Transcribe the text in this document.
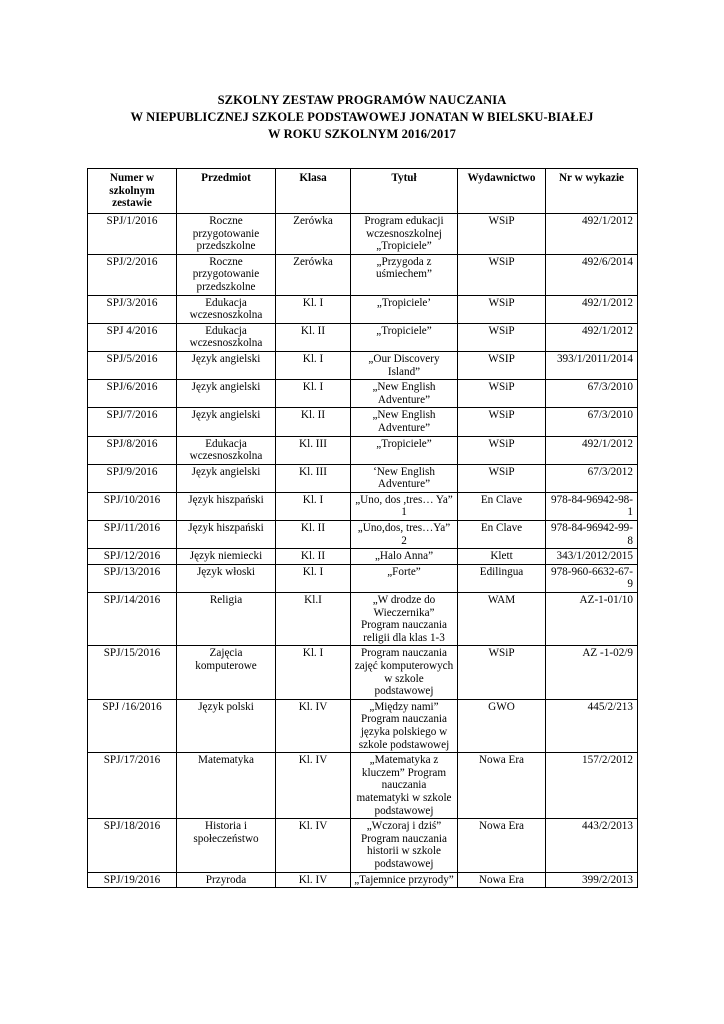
SZKOLNY ZESTAW PROGRAMÓW NAUCZANIA
W NIEPUBLICZNEJ SZKOLE PODSTAWOWEJ JONATAN W BIELSKU-BIAŁEJ
W ROKU SZKOLNYM 2016/2017
Numer w szkolnym zestawie	Przedmiot	Klasa	Tytuł	Wydawnictwo	Nr w wykazie
SPJ/1/2016	Roczne przygotowanie przedszkolne	Zerówka	Program edukacji wczesnoszkolnej „Tropiciele”	WSiP	492/1/2012
SPJ/2/2016	Roczne przygotowanie przedszkolne	Zerówka	„Przygoda z uśmiechem”	WSiP	492/6/2014
SPJ/3/2016	Edukacja wczesnoszkolna	Kl. I	„Tropiciele’	WSiP	492/1/2012
SPJ 4/2016	Edukacja wczesnoszkolna	Kl. II	„Tropiciele”	WSiP	492/1/2012
SPJ/5/2016	Język angielski	Kl. I	„Our Discovery Island”	WSIP	393/1/2011/2014
SPJ/6/2016	Język angielski	Kl. I	„New English Adventure”	WSiP	67/3/2010
SPJ/7/2016	Język angielski	Kl. II	„New English Adventure”	WSiP	67/3/2010
SPJ/8/2016	Edukacja wczesnoszkolna	Kl. III	„Tropiciele”	WSiP	492/1/2012
SPJ/9/2016	Język angielski	Kl. III	‘New English Adventure”	WSiP	67/3/2012
SPJ/10/2016	Język hiszpański	Kl. I	„Uno, dos ,tres… Ya” 1	En Clave	978-84-96942-98-1
SPJ/11/2016	Język hiszpański	Kl. II	„Uno,dos, tres…Ya” 2	En Clave	978-84-96942-99-8
SPJ/12/2016	Język niemiecki	Kl. II	„Halo Anna”	Klett	343/1/2012/2015
SPJ/13/2016	Język włoski	Kl. I	„Forte”	Edilingua	978-960-6632-67-9
SPJ/14/2016	Religia	Kl.I	„W drodze do Wieczernika” Program nauczania religii dla klas 1-3	WAM	AZ-1-01/10
SPJ/15/2016	Zajęcia komputerowe	Kl. I	Program nauczania zajęć komputerowych w szkole podstawowej	WSiP	AZ -1-02/9
SPJ /16/2016	Język polski	Kl. IV	„Między nami” Program nauczania języka polskiego w szkole podstawowej	GWO	445/2/213
SPJ/17/2016	Matematyka	Kl. IV	„Matematyka z kluczem” Program nauczania matematyki w szkole podstawowej	Nowa Era	157/2/2012
SPJ/18/2016	Historia i społeczeństwo	Kl. IV	„Wczoraj i dziś” Program nauczania historii w szkole podstawowej	Nowa Era	443/2/2013
SPJ/19/2016	Przyroda	Kl. IV	„Tajemnice przyrody”	Nowa Era	399/2/2013
